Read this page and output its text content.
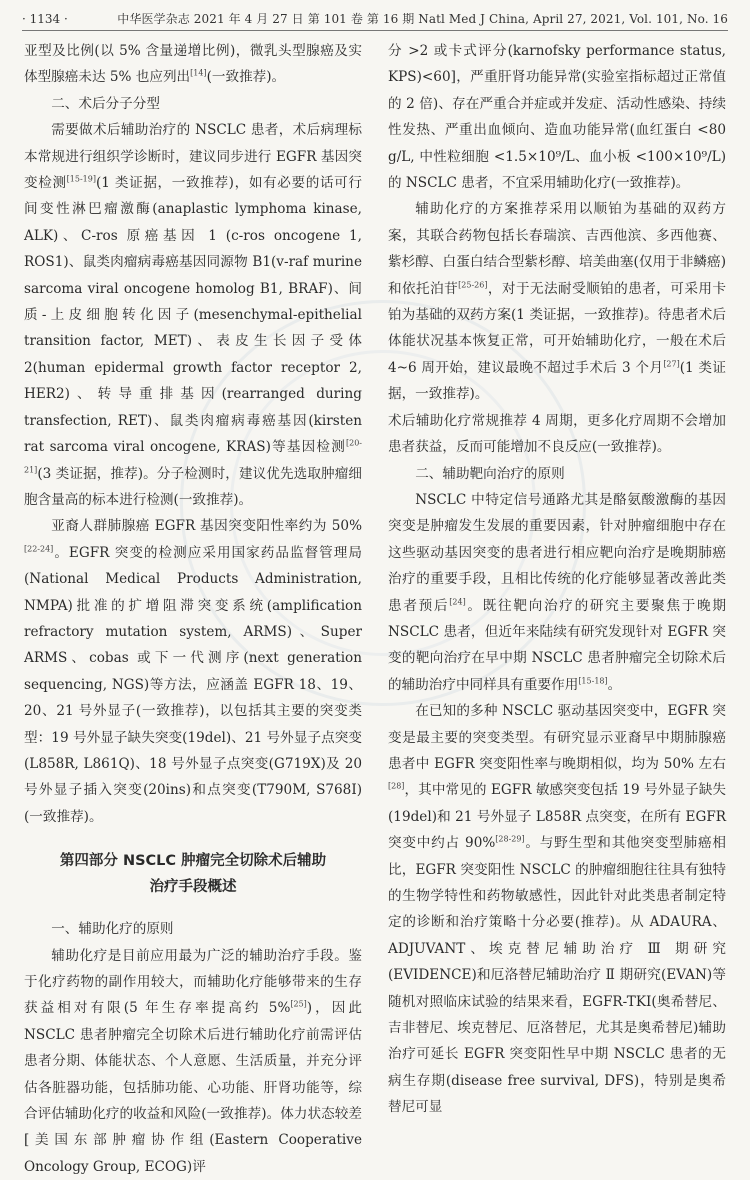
· 1134 ·	中华医学杂志 2021 年 4 月 27 日 第 101 卷 第 16 期 Natl Med J China, April 27, 2021, Vol. 101, No. 16

亚型及比例(以 5% 含量递增比例)，微乳头型腺癌及实体型腺癌未达 5% 也应列出[14](一致推荐)。

二、术后分子分型

需要做术后辅助治疗的 NSCLC 患者，术后病理标本常规进行组织学诊断时，建议同步进行 EGFR 基因突变检测[15-19](1 类证据，一致推荐)，如有必要的话可行间变性淋巴瘤激酶(anaplastic lymphoma kinase, ALK)、C-ros 原癌基因 1 (c-ros oncogene 1, ROS1)、鼠类肉瘤病毒癌基因同源物 B1(v-raf murine sarcoma viral oncogene homolog B1, BRAF)、间质-上皮细胞转化因子(mesenchymal-epithelial transition factor, MET)、表皮生长因子受体 2(human epidermal growth factor receptor 2, HER2)、转导重排基因(rearranged during transfection, RET)、鼠类肉瘤病毒癌基因(kirsten rat sarcoma viral oncogene, KRAS)等基因检测[20-21](3 类证据，推荐)。分子检测时，建议优先选取肿瘤细胞含量高的标本进行检测(一致推荐)。

亚裔人群肺腺癌 EGFR 基因突变阳性率约为 50%[22-24]。EGFR 突变的检测应采用国家药品监督管理局(National Medical Products Administration, NMPA)批准的扩增阻滞突变系统(amplification refractory mutation system, ARMS)、Super ARMS、cobas 或下一代测序(next generation sequencing, NGS)等方法，应涵盖 EGFR 18、19、20、21 号外显子(一致推荐)，以包括其主要的突变类型：19 号外显子缺失突变(19del)、21 号外显子点突变(L858R, L861Q)、18 号外显子点突变(G719X)及 20 号外显子插入突变(20ins)和点突变(T790M, S768I)(一致推荐)。

第四部分 NSCLC 肿瘤完全切除术后辅助
治疗手段概述
一、辅助化疗的原则

辅助化疗是目前应用最为广泛的辅助治疗手段。鉴于化疗药物的副作用较大，而辅助化疗能够带来的生存获益相对有限(5 年生存率提高约 5%[25])，因此 NSCLC 患者肿瘤完全切除术后进行辅助化疗前需评估患者分期、体能状态、个人意愿、生活质量，并充分评估各脏器功能，包括肺功能、心功能、肝肾功能等，综合评估辅助化疗的收益和风险(一致推荐)。体力状态较差[美国东部肿瘤协作组(Eastern Cooperative Oncology Group, ECOG)评

分 >2 或卡式评分(karnofsky performance status, KPS)<60]，严重肝肾功能异常(实验室指标超过正常值的 2 倍)、存在严重合并症或并发症、活动性感染、持续性发热、严重出血倾向、造血功能异常(血红蛋白 <80 g/L, 中性粒细胞 <1.5×10⁹/L、血小板 <100×10⁹/L)的 NSCLC 患者，不宜采用辅助化疗(一致推荐)。

辅助化疗的方案推荐采用以顺铂为基础的双药方案，其联合药物包括长春瑞滨、吉西他滨、多西他赛、紫杉醇、白蛋白结合型紫杉醇、培美曲塞(仅用于非鳞癌)和依托泊苷[25-26]，对于无法耐受顺铂的患者，可采用卡铂为基础的双药方案(1 类证据，一致推荐)。待患者术后体能状况基本恢复正常，可开始辅助化疗，一般在术后 4~6 周开始，建议最晚不超过手术后 3 个月[27](1 类证据，一致推荐)。

术后辅助化疗常规推荐 4 周期，更多化疗周期不会增加患者获益，反而可能增加不良反应(一致推荐)。

二、辅助靶向治疗的原则

NSCLC 中特定信号通路尤其是酪氨酸激酶的基因突变是肿瘤发生发展的重要因素，针对肿瘤细胞中存在这些驱动基因突变的患者进行相应靶向治疗是晚期肺癌治疗的重要手段，且相比传统的化疗能够显著改善此类患者预后[24]。既往靶向治疗的研究主要聚焦于晚期 NSCLC 患者，但近年来陆续有研究发现针对 EGFR 突变的靶向治疗在早中期 NSCLC 患者肿瘤完全切除术后的辅助治疗中同样具有重要作用[15-18]。

在已知的多种 NSCLC 驱动基因突变中，EGFR 突变是最主要的突变类型。有研究显示亚裔早中期肺腺癌患者中 EGFR 突变阳性率与晚期相似，均为 50% 左右[28]，其中常见的 EGFR 敏感突变包括 19 号外显子缺失(19del)和 21 号外显子 L858R 点突变，在所有 EGFR 突变中约占 90%[28-29]。与野生型和其他突变型肺癌相比，EGFR 突变阳性 NSCLC 的肿瘤细胞往往具有独特的生物学特性和药物敏感性，因此针对此类患者制定特定的诊断和治疗策略十分必要(推荐)。从 ADAURA、ADJUVANT、埃克替尼辅助治疗 Ⅲ 期研究(EVIDENCE)和厄洛替尼辅助治疗 Ⅱ 期研究(EVAN)等随机对照临床试验的结果来看，EGFR-TKI(奥希替尼、吉非替尼、埃克替尼、厄洛替尼，尤其是奥希替尼)辅助治疗可延长 EGFR 突变阳性早中期 NSCLC 患者的无病生存期(disease free survival, DFS)，特别是奥希替尼可显
